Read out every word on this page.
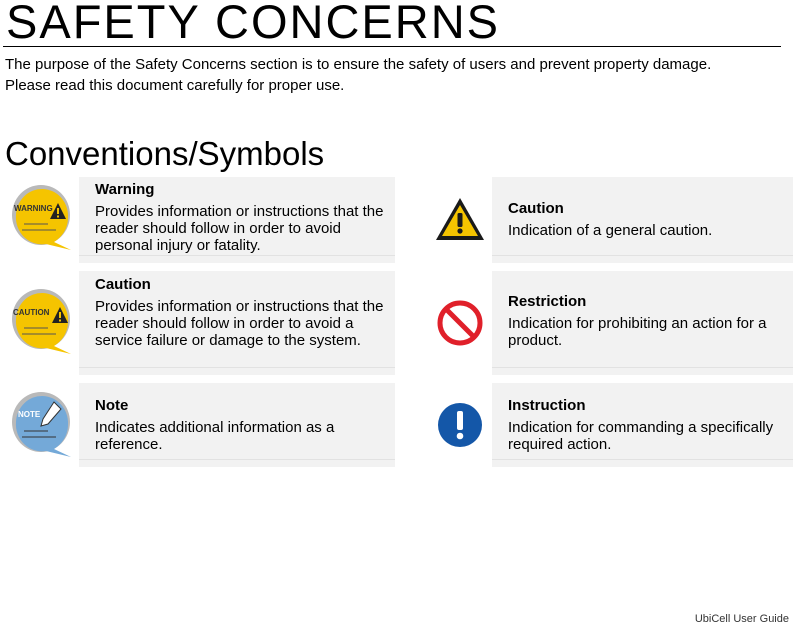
SAFETY CONCERNS

The purpose of the Safety Concerns section is to ensure the safety of users and prevent property damage.
Please read this document carefully for proper use.

Conventions/Symbols
WARNING
Warning
Provides information or instructions that the reader should follow in order to avoid personal injury or fatality.
Caution
Indication of a general caution.
CAUTION
Caution
Provides information or instructions that the reader should follow in order to avoid a service failure or damage to the system.
Restriction
Indication for prohibiting an action for a product.
NOTE
Note
Indicates additional information as a reference.
Instruction
Indication for commanding a specifically required action.
UbiCell User Guide
